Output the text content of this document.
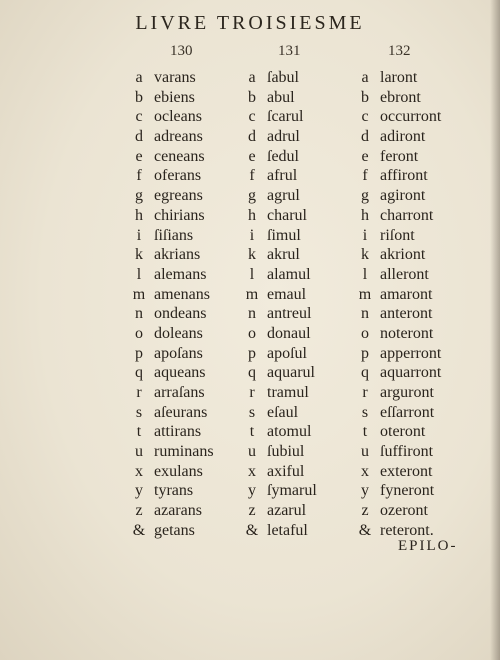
LIVRE TROISIESME
130	131	132
a varans
b ebiens
c ocleans
d adreans
e ceneans
f oferans
g egreans
h chirians
i ſiſians
k akrians
l alemans
m amenans
n ondeans
o doleans
p apoſans
q aqueans
r arraſans
s aſeurans
t attirans
u ruminans
x exulans
y tyrans
z azarans
& getans
a ſabul
b abul
c ſcarul
d adrul
e ſedul
f afrul
g agrul
h charul
i ſimul
k akrul
l alamul
m emaul
n antreul
o donaul
p apoſul
q aquarul
r tramul
s eſaul
t atomul
u ſubiul
x axiful
y ſymarul
z azarul
& letaful
a laront
b ebront
c occurront
d adiront
e feront
f affiront
g agiront
h charront
i riſont
k akriont
l alleront
m amaront
n anteront
o noteront
p apperront
q aquarront
r arguront
s eſſarront
t oteront
u ſuffiront
x exteront
y fyneront
z ozeront
& reteront.
EPILO-
